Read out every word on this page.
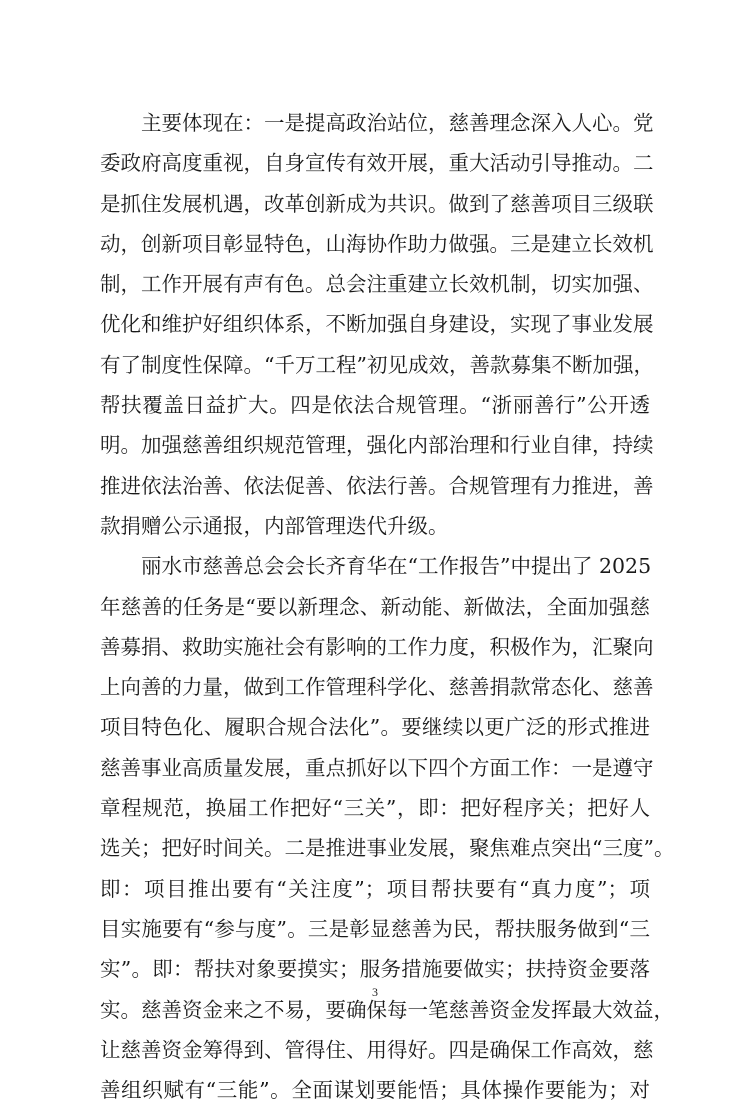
　　主要体现在：一是提高政治站位，慈善理念深入人心。党
委政府高度重视，自身宣传有效开展，重大活动引导推动。二
是抓住发展机遇，改革创新成为共识。做到了慈善项目三级联
动，创新项目彰显特色，山海协作助力做强。三是建立长效机
制，工作开展有声有色。总会注重建立长效机制，切实加强、
优化和维护好组织体系，不断加强自身建设，实现了事业发展
有了制度性保障。“千万工程”初见成效，善款募集不断加强，
帮扶覆盖日益扩大。四是依法合规管理。“浙丽善行”公开透
明。加强慈善组织规范管理，强化内部治理和行业自律，持续
推进依法治善、依法促善、依法行善。合规管理有力推进，善
款捐赠公示通报，内部管理迭代升级。
　　丽水市慈善总会会长齐育华在“工作报告”中提出了 2025
年慈善的任务是“要以新理念、新动能、新做法，全面加强慈
善募捐、救助实施社会有影响的工作力度，积极作为，汇聚向
上向善的力量，做到工作管理科学化、慈善捐款常态化、慈善
项目特色化、履职合规合法化”。要继续以更广泛的形式推进
慈善事业高质量发展，重点抓好以下四个方面工作：一是遵守
章程规范，换届工作把好“三关”，即：把好程序关；把好人
选关；把好时间关。二是推进事业发展，聚焦难点突出“三度”。
即：项目推出要有“关注度”；项目帮扶要有“真力度”；项
目实施要有“参与度”。三是彰显慈善为民，帮扶服务做到“三
实”。即：帮扶对象要摸实；服务措施要做实；扶持资金要落
实。慈善资金来之不易，要确保每一笔慈善资金发挥最大效益，
让慈善资金筹得到、管得住、用得好。四是确保工作高效，慈
善组织赋有“三能”。全面谋划要能悟；具体操作要能为；对
3
